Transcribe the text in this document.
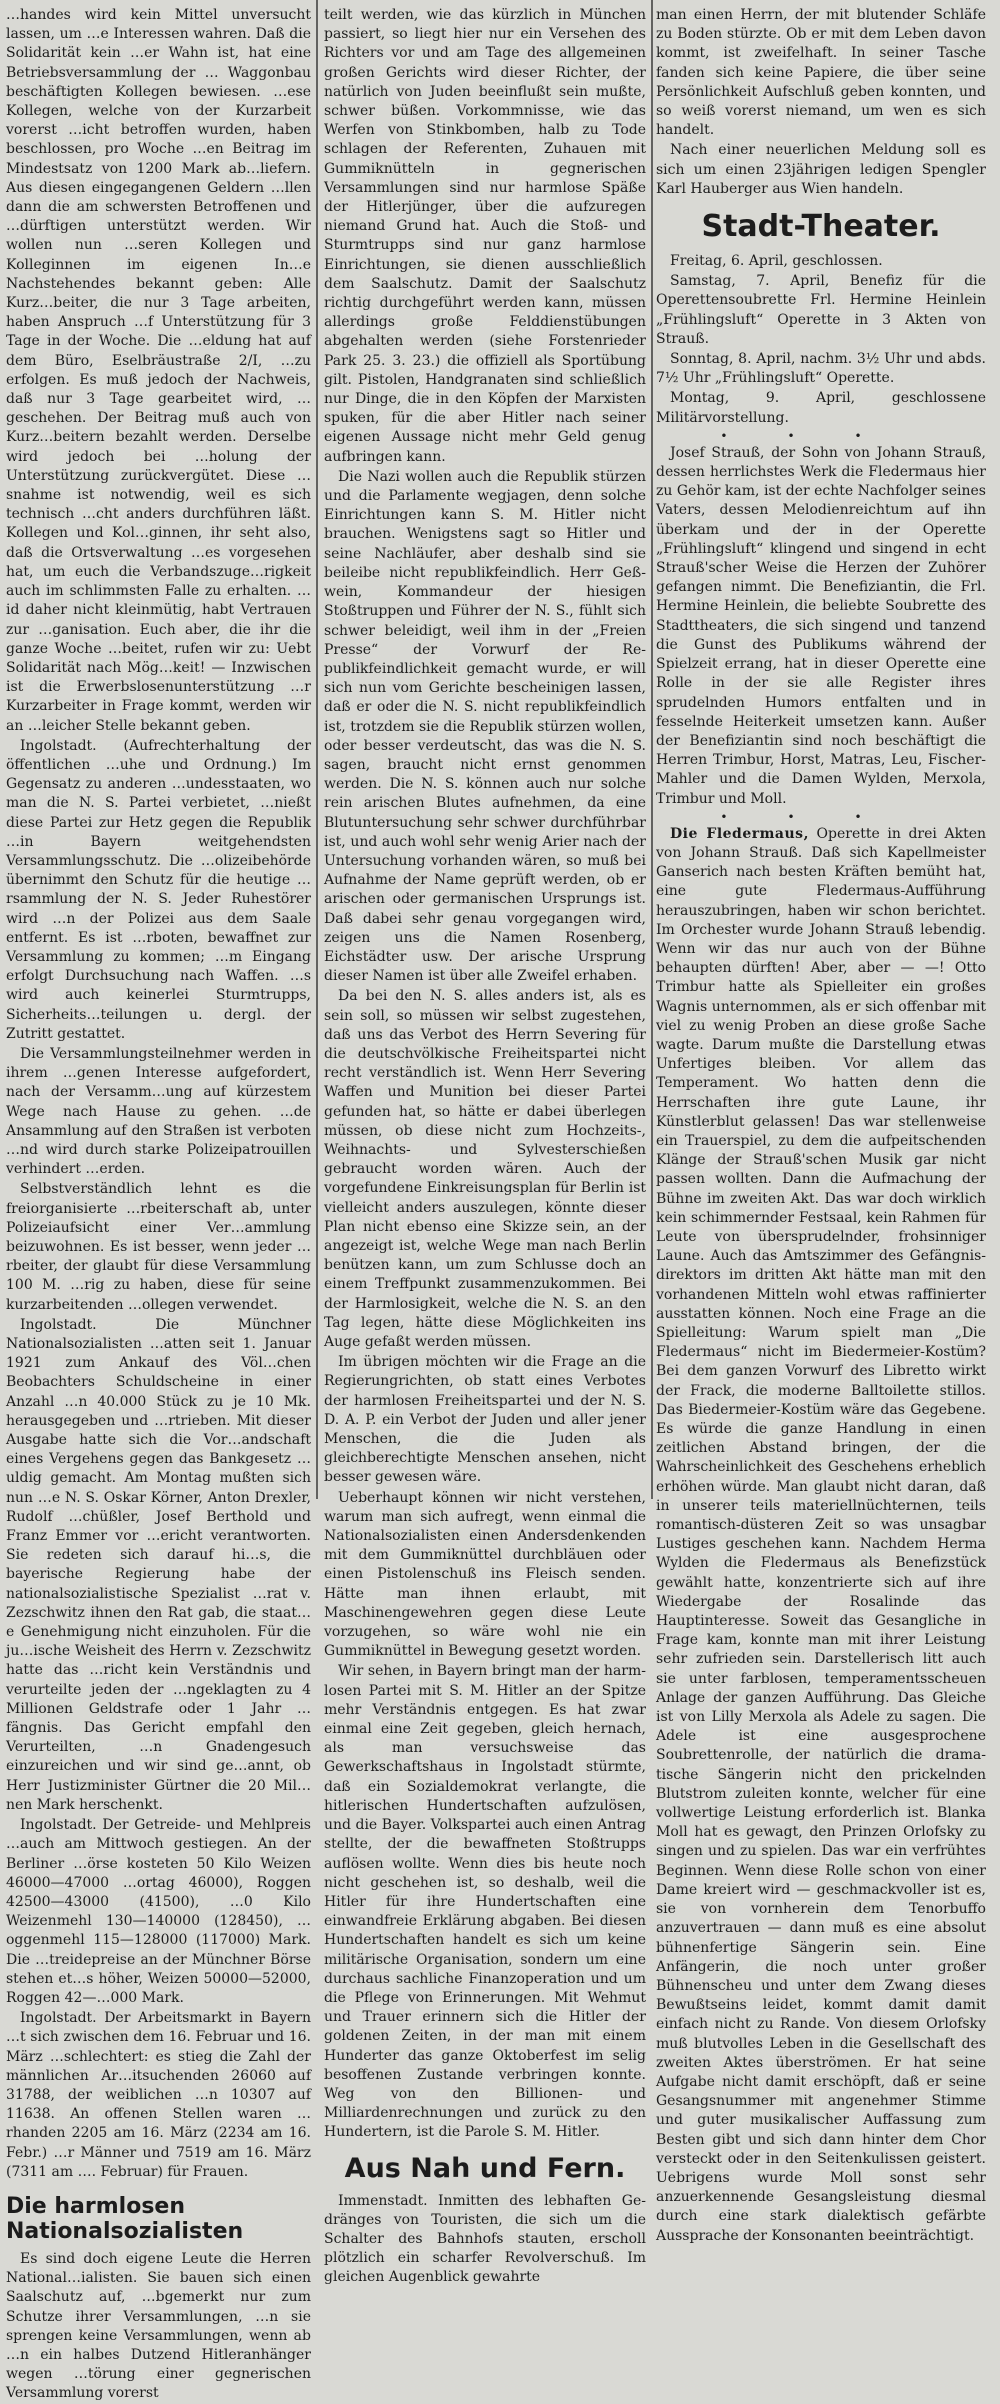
…handes wird kein Mittel unversucht lassen, um …e Interessen wahren. Daß die Solidarität kein …er Wahn ist, hat eine Betriebsversammlung der … Waggonbau beschäftigten Kollegen bewiesen. …ese Kollegen, welche von der Kurzarbeit vorerst …icht betroffen wurden, haben beschlossen, pro Woche …en Beitrag im Mindestsatz von 1200 Mark ab…liefern. Aus diesen eingegangenen Geldern …llen dann die am schwersten Betroffenen und …dürftigen unterstützt werden. Wir wollen nun …seren Kollegen und Kolleginnen im eigenen In…e Nachstehendes bekannt geben: Alle Kurz…beiter, die nur 3 Tage arbeiten, haben Anspruch …f Unterstützung für 3 Tage in der Woche. Die …eldung hat auf dem Büro, Eselbräustraße 2/I, …zu erfolgen. Es muß jedoch der Nachweis, daß nur 3 Tage gearbeitet wird, …geschehen. Der Beitrag muß auch von Kurz…beitern bezahlt werden. Derselbe wird jedoch bei …holung der Unterstützung zurückvergütet. Diese …snahme ist notwendig, weil es sich technisch …cht anders durchführen läßt. Kollegen und Kol…ginnen, ihr seht also, daß die Ortsverwaltung …es vorgesehen hat, um euch die Verbandszuge…rigkeit auch im schlimmsten Falle zu erhalten. …id daher nicht kleinmütig, habt Vertrauen zur …ganisation. Euch aber, die ihr die ganze Woche …beitet, rufen wir zu: Uebt Solidarität nach Mög…keit! — Inzwischen ist die Erwerbslosenunterstützung …r Kurzarbeiter in Frage kommt, werden wir an …leicher Stelle bekannt geben.

Ingolstadt. (Aufrechterhaltung der öffentlichen …uhe und Ordnung.) Im Gegensatz zu anderen …undesstaaten, wo man die N. S. Partei verbietet, …nießt diese Partei zur Hetz gegen die Republik …in Bayern weitgehendsten Versammlungsschutz. Die …olizeibehörde übernimmt den Schutz für die heutige …rsammlung der N. S. Jeder Ruhestörer wird …n der Polizei aus dem Saale entfernt. Es ist …rboten, bewaffnet zur Versammlung zu kommen; …m Eingang erfolgt Durchsuchung nach Waffen. …s wird auch keinerlei Sturmtrupps, Sicherheits…teilungen u. dergl. der Zutritt gestattet.

Die Versammlungsteilnehmer werden in ihrem …genen Interesse aufgefordert, nach der Versamm…ung auf kürzestem Wege nach Hause zu gehen. …de Ansammlung auf den Straßen ist verboten …nd wird durch starke Polizeipatrouillen verhindert …erden.

Selbstverständlich lehnt es die freiorganisierte …rbeiterschaft ab, unter Polizeiaufsicht einer Ver…ammlung beizuwohnen. Es ist besser, wenn jeder …rbeiter, der glaubt für diese Versammlung 100 M. …rig zu haben, diese für seine kurzarbeitenden …ollegen verwendet.

Ingolstadt. Die Münchner Nationalsozialisten …atten seit 1. Januar 1921 zum Ankauf des Völ…chen Beobachters Schuldscheine in einer Anzahl …n 40.000 Stück zu je 10 Mk. herausgegeben und …rtrieben. Mit dieser Ausgabe hatte sich die Vor…andschaft eines Vergehens gegen das Bankgesetz …uldig gemacht. Am Montag mußten sich nun …e N. S. Oskar Körner, Anton Drexler, Rudolf …chüßler, Josef Berthold und Franz Emmer vor …ericht verantworten. Sie redeten sich darauf hi…s, die bayerische Regierung habe der nationalsozialistische Spezialist …rat v. Zezschwitz ihnen den Rat gab, die staat…e Genehmigung nicht einzuholen. Für die ju…ische Weisheit des Herrn v. Zezschwitz hatte das …richt kein Verständnis und verurteilte jeden der …ngeklagten zu 4 Millionen Geldstrafe oder 1 Jahr …fängnis. Das Gericht empfahl den Verurteilten, …n Gnadengesuch einzureichen und wir sind ge…annt, ob Herr Justizminister Gürtner die 20 Mil…nen Mark herschenkt.

Ingolstadt. Der Getreide- und Mehlpreis …auch am Mittwoch gestiegen. An der Berliner …örse kosteten 50 Kilo Weizen 46000—47000 …ortag 46000), Roggen 42500—43000 (41500), …0 Kilo Weizenmehl 130—140000 (128450), …oggenmehl 115—128000 (117000) Mark. Die …treidepreise an der Münchner Börse stehen et…s höher, Weizen 50000—52000, Roggen 42—…000 Mark.

Ingolstadt. Der Arbeitsmarkt in Bayern …t sich zwischen dem 16. Februar und 16. März …schlechtert: es stieg die Zahl der männlichen Ar…itsuchenden 26060 auf 31788, der weiblichen …n 10307 auf 11638. An offenen Stellen waren …rhanden 2205 am 16. März (2234 am 16. Febr.) …r Männer und 7519 am 16. März (7311 am …. Februar) für Frauen.

Die harmlosen Nationalsozialisten

Es sind doch eigene Leute die Herren National…ialisten. Sie bauen sich einen Saalschutz auf, …bgemerkt nur zum Schutze ihrer Versammlungen, …n sie sprengen keine Versammlungen, wenn ab …n ein halbes Dutzend Hitleranhänger wegen …törung einer gegnerischen Versammlung vorerst

teilt werden, wie das kürzlich in München passiert, so liegt hier nur ein Versehen des Richters vor und am Tage des allgemeinen großen Gerichts wird dieser Richter, der natürlich von Juden beeinflußt sein mußte, schwer büßen. Vorkommnisse, wie das Werfen von Stinkbomben, halb zu Tode schlagen der Referenten, Zuhauen mit Gummiknütteln in gegnerischen Versammlungen sind nur harmlose Späße der Hitlerjünger, über die aufzuregen niemand Grund hat. Auch die Stoß- und Sturmtrupps sind nur ganz harmlose Einrichtungen, sie dienen ausschließlich dem Saalschutz. Damit der Saalschutz richtig durchgeführt werden kann, müssen allerdings große Felddienstübungen abgehalten werden (siehe Forstenrieder Park 25. 3. 23.) die offiziell als Sportübung gilt. Pistolen, Handgranaten sind schließlich nur Dinge, die in den Köpfen der Marxisten spuken, für die aber Hitler nach seiner eigenen Aussage nicht mehr Geld genug aufbringen kann.

Die Nazi wollen auch die Republik stürzen und die Parlamente wegjagen, denn solche Einrichtungen kann S. M. Hitler nicht brauchen. Wenigstens sagt so Hitler und seine Nachläufer, aber deshalb sind sie beileibe nicht republikfeindlich. Herr Geßwein, Kommandeur der hiesigen Stoßtruppen und Führer der N. S., fühlt sich schwer beleidigt, weil ihm in der „Freien Presse“ der Vorwurf der Republikfeindlichkeit gemacht wurde, er will sich nun vom Gerichte bescheinigen lassen, daß er oder die N. S. nicht republikfeindlich ist, trotzdem sie die Republik stürzen wollen, oder besser verdeutscht, das was die N. S. sagen, braucht nicht ernst genommen werden. Die N. S. können auch nur solche rein arischen Blutes aufnehmen, da eine Blutuntersuchung sehr schwer durchführbar ist, und auch wohl sehr wenig Arier nach der Untersuchung vorhanden wären, so muß bei Aufnahme der Name geprüft werden, ob er arischen oder germanischen Ursprungs ist. Daß dabei sehr genau vorgegangen wird, zeigen uns die Namen Rosenberg, Eichstädter usw. Der arische Ursprung dieser Namen ist über alle Zweifel erhaben.

Da bei den N. S. alles anders ist, als es sein soll, so müssen wir selbst zugestehen, daß uns das Verbot des Herrn Severing für die deutschvölkische Freiheitspartei nicht recht verständlich ist. Wenn Herr Severing Waffen und Munition bei dieser Partei gefunden hat, so hätte er dabei überlegen müssen, ob diese nicht zum Hochzeits-, Weihnachts- und Sylvesterschießen gebraucht worden wären. Auch der vorgefundene Einkreisungsplan für Berlin ist vielleicht anders auszulegen, könnte dieser Plan nicht ebenso eine Skizze sein, an der angezeigt ist, welche Wege man nach Berlin benützen kann, um zum Schlusse doch an einem Treffpunkt zusammenzukommen. Bei der Harmlosigkeit, welche die N. S. an den Tag legen, hätte diese Möglichkeiten ins Auge gefaßt werden müssen.

Im übrigen möchten wir die Frage an die Regierungrichten, ob statt eines Verbotes der harmlosen Freiheitspartei und der N. S. D. A. P. ein Verbot der Juden und aller jener Menschen, die die Juden als gleichberechtigte Menschen ansehen, nicht besser gewesen wäre.

Ueberhaupt können wir nicht verstehen, warum man sich aufregt, wenn einmal die Nationalsozialisten einen Andersdenkenden mit dem Gummiknüttel durchbläuen oder einen Pistolenschuß ins Fleisch senden. Hätte man ihnen erlaubt, mit Maschinengewehren gegen diese Leute vorzugehen, so wäre wohl nie ein Gummiknüttel in Bewegung gesetzt worden.

Wir sehen, in Bayern bringt man der harmlosen Partei mit S. M. Hitler an der Spitze mehr Verständnis entgegen. Es hat zwar einmal eine Zeit gegeben, gleich hernach, als man versuchsweise das Gewerkschaftshaus in Ingolstadt stürmte, daß ein Sozialdemokrat verlangte, die hitlerischen Hundertschaften aufzulösen, und die Bayer. Volkspartei auch einen Antrag stellte, der die bewaffneten Stoßtrupps auflösen wollte. Wenn dies bis heute noch nicht geschehen ist, so deshalb, weil die Hitler für ihre Hundertschaften eine einwandfreie Erklärung abgaben. Bei diesen Hundertschaften handelt es sich um keine militärische Organisation, sondern um eine durchaus sachliche Finanzoperation und um die Pflege von Erinnerungen. Mit Wehmut und Trauer erinnern sich die Hitler der goldenen Zeiten, in der man mit einem Hunderter das ganze Oktoberfest im selig besoffenen Zustande verbringen konnte. Weg von den Billionen- und Milliardenrechnungen und zurück zu den Hundertern, ist die Parole S. M. Hitler.

Aus Nah und Fern.

Immenstadt. Inmitten des lebhaften Gedränges von Touristen, die sich um die Schalter des Bahnhofs stauten, erscholl plötzlich ein scharfer Revolverschuß. Im gleichen Augenblick gewahrte

man einen Herrn, der mit blutender Schläfe zu Boden stürzte. Ob er mit dem Leben davon kommt, ist zweifelhaft. In seiner Tasche fanden sich keine Papiere, die über seine Persönlichkeit Aufschluß geben konnten, und so weiß vorerst niemand, um wen es sich handelt.

Nach einer neuerlichen Meldung soll es sich um einen 23jährigen ledigen Spengler Karl Hauberger aus Wien handeln.

Stadt-Theater.

Freitag, 6. April, geschlossen.

Samstag, 7. April, Benefiz für die Operettensoubrette Frl. Hermine Heinlein „Frühlingsluft“ Operette in 3 Akten von Strauß.

Sonntag, 8. April, nachm. 3½ Uhr und abds. 7½ Uhr „Frühlingsluft“ Operette.

Montag, 9. April, geschlossene Militärvorstellung.

•••

Josef Strauß, der Sohn von Johann Strauß, dessen herrlichstes Werk die Fledermaus hier zu Gehör kam, ist der echte Nachfolger seines Vaters, dessen Melodienreichtum auf ihn überkam und der in der Operette „Frühlingsluft“ klingend und singend in echt Strauß'scher Weise die Herzen der Zuhörer gefangen nimmt. Die Benefiziantin, die Frl. Hermine Heinlein, die beliebte Soubrette des Stadttheaters, die sich singend und tanzend die Gunst des Publikums während der Spielzeit errang, hat in dieser Operette eine Rolle in der sie alle Register ihres sprudelnden Humors entfalten und in fesselnde Heiterkeit umsetzen kann. Außer der Benefiziantin sind noch beschäftigt die Herren Trimbur, Horst, Matras, Leu, Fischer-Mahler und die Damen Wylden, Merxola, Trimbur und Moll.

•••

Die Fledermaus, Operette in drei Akten von Johann Strauß. Daß sich Kapellmeister Ganserich nach besten Kräften bemüht hat, eine gute Fledermaus-Aufführung herauszubringen, haben wir schon berichtet. Im Orchester wurde Johann Strauß lebendig. Wenn wir das nur auch von der Bühne behaupten dürften! Aber, aber — —! Otto Trimbur hatte als Spielleiter ein großes Wagnis unternommen, als er sich offenbar mit viel zu wenig Proben an diese große Sache wagte. Darum mußte die Darstellung etwas Unfertiges bleiben. Vor allem das Temperament. Wo hatten denn die Herrschaften ihre gute Laune, ihr Künstlerblut gelassen! Das war stellenweise ein Trauerspiel, zu dem die aufpeitschenden Klänge der Strauß'schen Musik gar nicht passen wollten. Dann die Aufmachung der Bühne im zweiten Akt. Das war doch wirklich kein schimmernder Festsaal, kein Rahmen für Leute von übersprudelnder, frohsinniger Laune. Auch das Amtszimmer des Gefängnisdirektors im dritten Akt hätte man mit den vorhandenen Mitteln wohl etwas raffinierter ausstatten können. Noch eine Frage an die Spielleitung: Warum spielt man „Die Fledermaus“ nicht im Biedermeier-Kostüm? Bei dem ganzen Vorwurf des Libretto wirkt der Frack, die moderne Balltoilette stillos. Das Biedermeier-Kostüm wäre das Gegebene. Es würde die ganze Handlung in einen zeitlichen Abstand bringen, der die Wahrscheinlichkeit des Geschehens erheblich erhöhen würde. Man glaubt nicht daran, daß in unserer teils materiellnüchternen, teils romantisch-düsteren Zeit so was unsagbar Lustiges geschehen kann. Nachdem Herma Wylden die Fledermaus als Benefizstück gewählt hatte, konzentrierte sich auf ihre Wiedergabe der Rosalinde das Hauptinteresse. Soweit das Gesangliche in Frage kam, konnte man mit ihrer Leistung sehr zufrieden sein. Darstellerisch litt auch sie unter farblosen, temperamentsscheuen Anlage der ganzen Aufführung. Das Gleiche ist von Lilly Merxola als Adele zu sagen. Die Adele ist eine ausgesprochene Soubrettenrolle, der natürlich die dramatische Sängerin nicht den prickelnden Blutstrom zuleiten konnte, welcher für eine vollwertige Leistung erforderlich ist. Blanka Moll hat es gewagt, den Prinzen Orlofsky zu singen und zu spielen. Das war ein verfrühtes Beginnen. Wenn diese Rolle schon von einer Dame kreiert wird — geschmackvoller ist es, sie von vornherein dem Tenorbuffo anzuvertrauen — dann muß es eine absolut bühnenfertige Sängerin sein. Eine Anfängerin, die noch unter großer Bühnenscheu und unter dem Zwang dieses Bewußtseins leidet, kommt damit damit einfach nicht zu Rande. Von diesem Orlofsky muß blutvolles Leben in die Gesellschaft des zweiten Aktes überströmen. Er hat seine Aufgabe nicht damit erschöpft, daß er seine Gesangsnummer mit angenehmer Stimme und guter musikalischer Auffassung zum Besten gibt und sich dann hinter dem Chor versteckt oder in den Seitenkulissen geistert. Uebrigens wurde Moll sonst sehr anzuerkennende Gesangsleistung diesmal durch eine stark dialektisch gefärbte Aussprache der Konsonanten beeinträchtigt.
